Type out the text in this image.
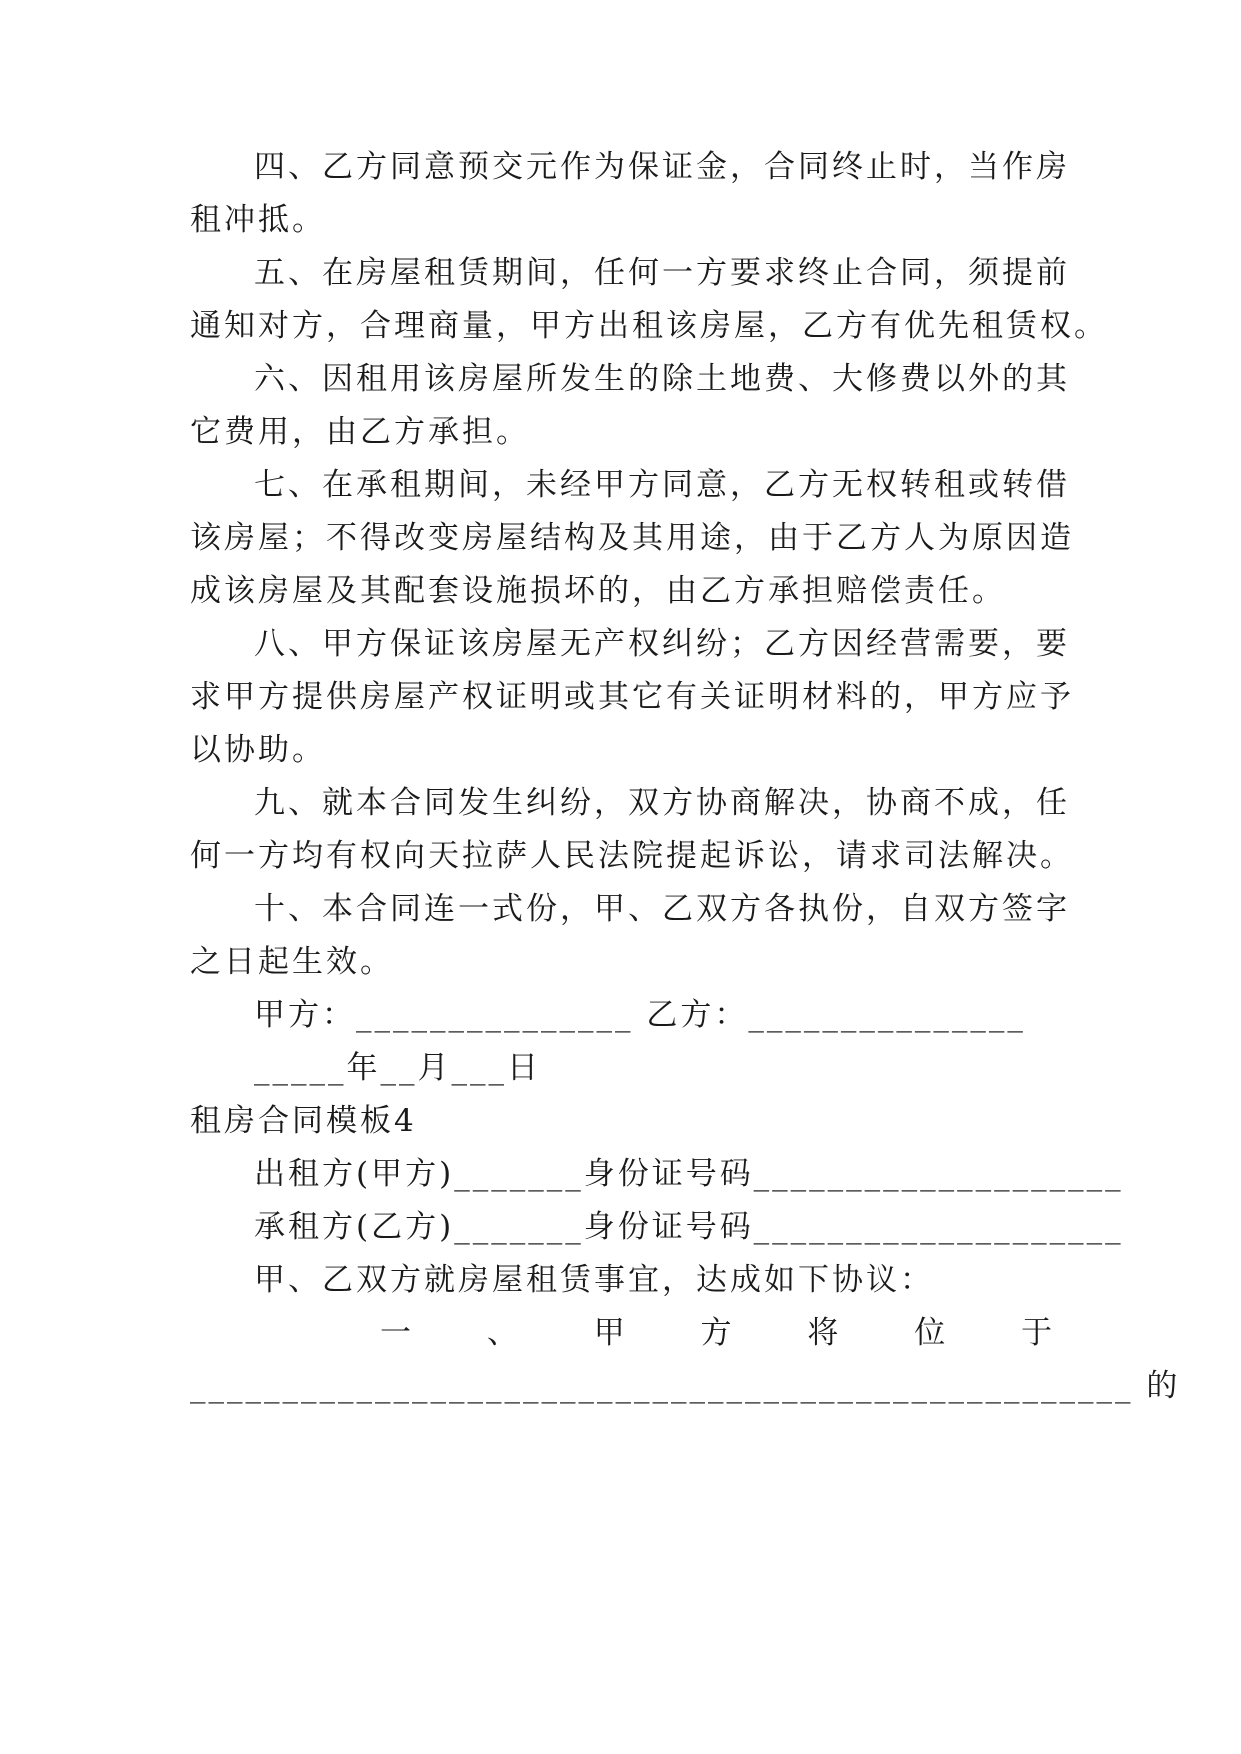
四、乙方同意预交元作为保证金，合同终止时，当作房
租冲抵。
五、在房屋租赁期间，任何一方要求终止合同，须提前
通知对方，合理商量，甲方出租该房屋，乙方有优先租赁权。
六、因租用该房屋所发生的除土地费、大修费以外的其
它费用，由乙方承担。
七、在承租期间，未经甲方同意，乙方无权转租或转借
该房屋；不得改变房屋结构及其用途，由于乙方人为原因造
成该房屋及其配套设施损坏的，由乙方承担赔偿责任。
八、甲方保证该房屋无产权纠纷；乙方因经营需要，要
求甲方提供房屋产权证明或其它有关证明材料的，甲方应予
以协助。
九、就本合同发生纠纷，双方协商解决，协商不成，任
何一方均有权向天拉萨人民法院提起诉讼，请求司法解决。
十、本合同连一式份，甲、乙双方各执份，自双方签字
之日起生效。
甲方：_______________ 乙方：_______________
_____年__月___日
租房合同模板4
出租方(甲方)_______身份证号码____________________
承租方(乙方)_______身份证号码____________________
甲、乙双方就房屋租赁事宜，达成如下协议：
一 、 甲 方 将 位 于
___________________________________________________ 的
